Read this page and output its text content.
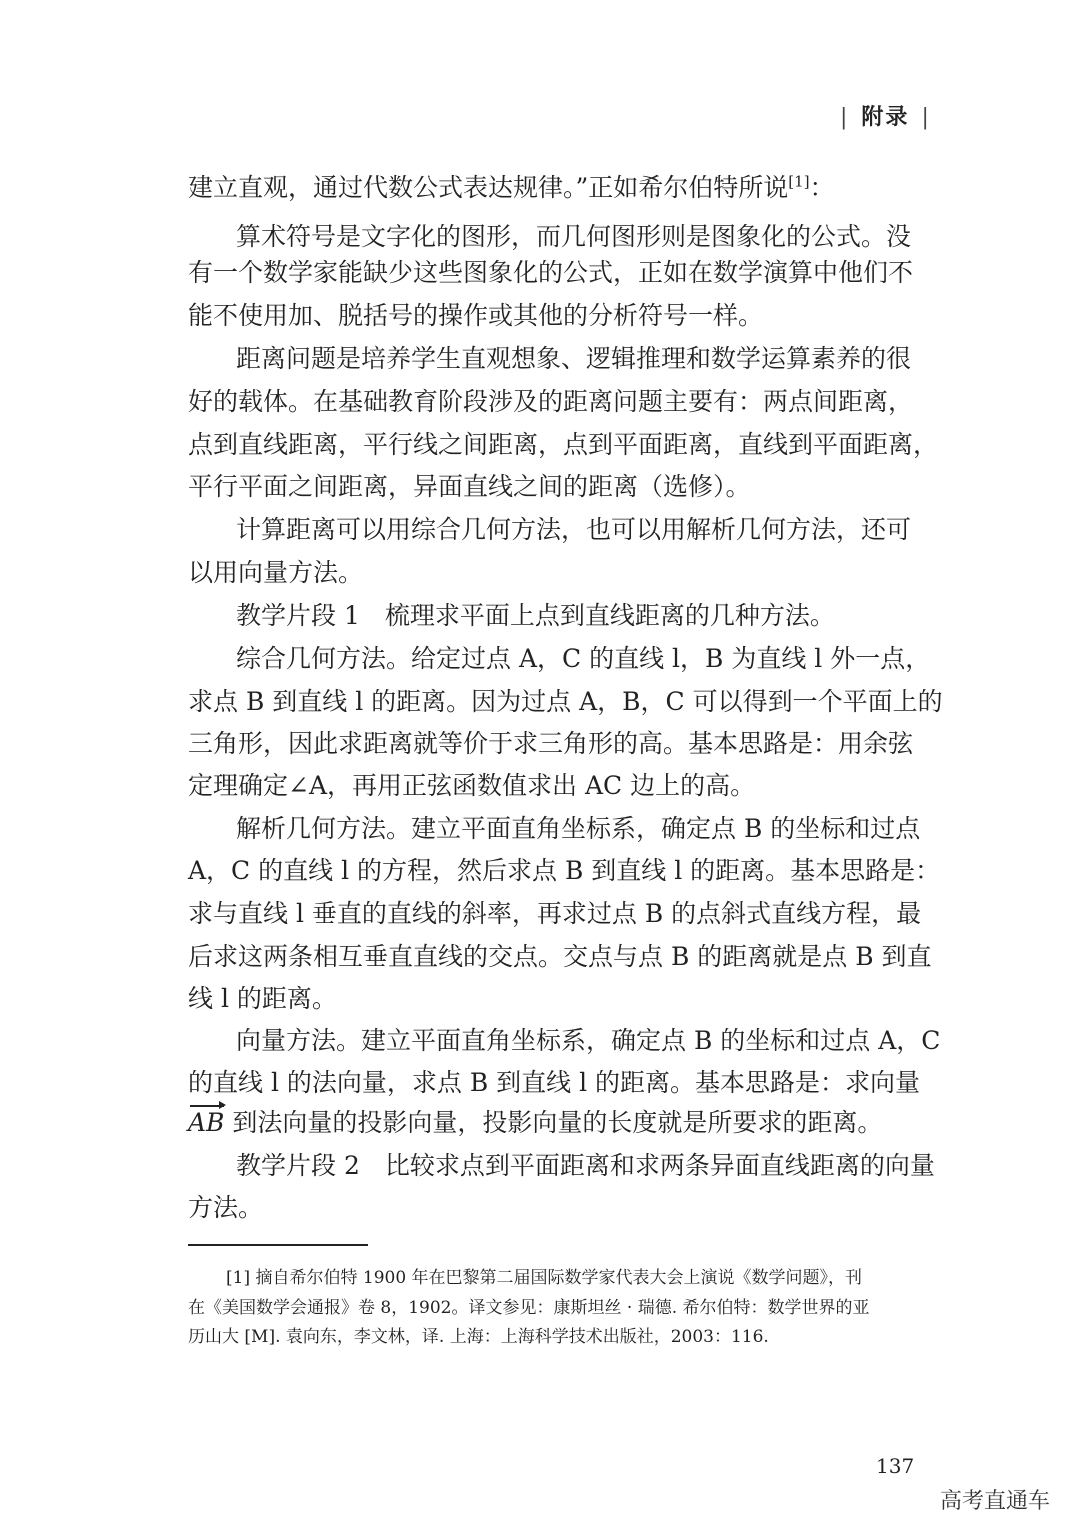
| 附录 |
建立直观，通过代数公式表达规律。”正如希尔伯特所说[1]：
算术符号是文字化的图形，而几何图形则是图象化的公式。没
有一个数学家能缺少这些图象化的公式，正如在数学演算中他们不
能不使用加、脱括号的操作或其他的分析符号一样。
距离问题是培养学生直观想象、逻辑推理和数学运算素养的很
好的载体。在基础教育阶段涉及的距离问题主要有：两点间距离，
点到直线距离，平行线之间距离，点到平面距离，直线到平面距离，
平行平面之间距离，异面直线之间的距离（选修）。
计算距离可以用综合几何方法，也可以用解析几何方法，还可
以用向量方法。
教学片段 1　梳理求平面上点到直线距离的几种方法。
综合几何方法。给定过点 A，C 的直线 l，B 为直线 l 外一点，
求点 B 到直线 l 的距离。因为过点 A，B，C 可以得到一个平面上的
三角形，因此求距离就等价于求三角形的高。基本思路是：用余弦
定理确定∠A，再用正弦函数值求出 AC 边上的高。
解析几何方法。建立平面直角坐标系，确定点 B 的坐标和过点
A，C 的直线 l 的方程，然后求点 B 到直线 l 的距离。基本思路是：
求与直线 l 垂直的直线的斜率，再求过点 B 的点斜式直线方程，最
后求这两条相互垂直直线的交点。交点与点 B 的距离就是点 B 到直
线 l 的距离。
向量方法。建立平面直角坐标系，确定点 B 的坐标和过点 A，C
的直线 l 的法向量，求点 B 到直线 l 的距离。基本思路是：求向量
AB 到法向量的投影向量，投影向量的长度就是所要求的距离。
教学片段 2　比较求点到平面距离和求两条异面直线距离的向量
方法。
[1] 摘自希尔伯特 1900 年在巴黎第二届国际数学家代表大会上演说《数学问题》，刊
在《美国数学会通报》卷 8，1902。译文参见：康斯坦丝 · 瑞德. 希尔伯特：数学世界的亚
历山大 [M]. 袁向东，李文林，译. 上海：上海科学技术出版社，2003：116.
137
高考直通车
